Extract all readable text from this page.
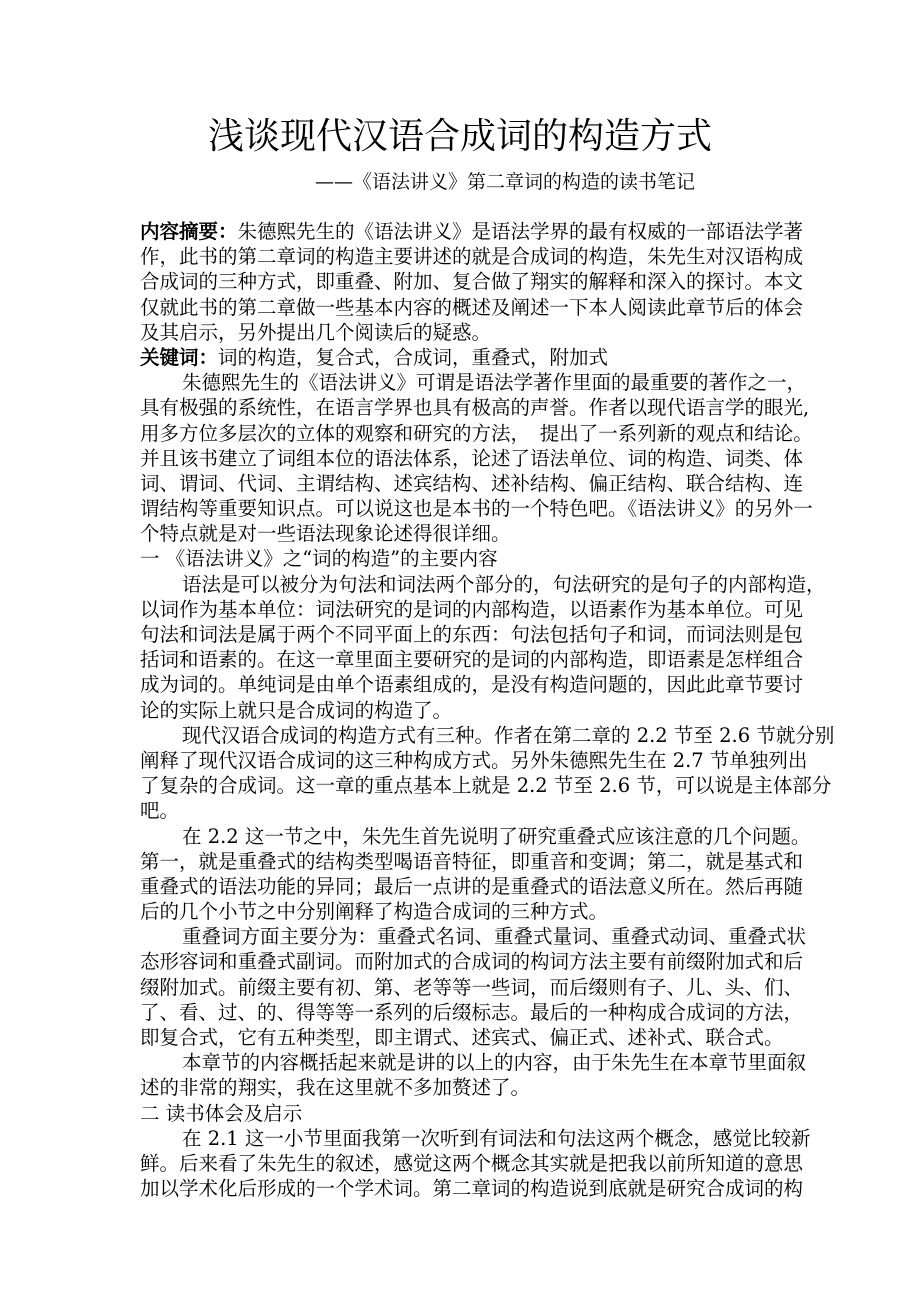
浅谈现代汉语合成词的构造方式
——《语法讲义》第二章词的构造的读书笔记
内容摘要：朱德熙先生的《语法讲义》是语法学界的最有权威的一部语法学著
作，此书的第二章词的构造主要讲述的就是合成词的构造，朱先生对汉语构成
合成词的三种方式，即重叠、附加、复合做了翔实的解释和深入的探讨。本文
仅就此书的第二章做一些基本内容的概述及阐述一下本人阅读此章节后的体会
及其启示，另外提出几个阅读后的疑惑。
关键词：词的构造，复合式，合成词，重叠式，附加式
朱德熙先生的《语法讲义》可谓是语法学著作里面的最重要的著作之一，
具有极强的系统性，在语言学界也具有极高的声誉。作者以现代语言学的眼光,
用多方位多层次的立体的观察和研究的方法，　提出了一系列新的观点和结论。
并且该书建立了词组本位的语法体系，论述了语法单位、词的构造、词类、体
词、谓词、代词、主谓结构、述宾结构、述补结构、偏正结构、联合结构、连
谓结构等重要知识点。可以说这也是本书的一个特色吧。《语法讲义》的另外一
个特点就是对一些语法现象论述得很详细。
一 《语法讲义》之“词的构造”的主要内容
语法是可以被分为句法和词法两个部分的，句法研究的是句子的内部构造，
以词作为基本单位：词法研究的是词的内部构造，以语素作为基本单位。可见
句法和词法是属于两个不同平面上的东西：句法包括句子和词，而词法则是包
括词和语素的。在这一章里面主要研究的是词的内部构造，即语素是怎样组合
成为词的。单纯词是由单个语素组成的，是没有构造问题的，因此此章节要讨
论的实际上就只是合成词的构造了。
现代汉语合成词的构造方式有三种。作者在第二章的 2.2 节至 2.6 节就分别
阐释了现代汉语合成词的这三种构成方式。另外朱德熙先生在 2.7 节单独列出
了复杂的合成词。这一章的重点基本上就是 2.2 节至 2.6 节，可以说是主体部分
吧。
在 2.2 这一节之中，朱先生首先说明了研究重叠式应该注意的几个问题。
第一，就是重叠式的结构类型喝语音特征，即重音和变调；第二，就是基式和
重叠式的语法功能的异同；最后一点讲的是重叠式的语法意义所在。然后再随
后的几个小节之中分别阐释了构造合成词的三种方式。
重叠词方面主要分为：重叠式名词、重叠式量词、重叠式动词、重叠式状
态形容词和重叠式副词。而附加式的合成词的构词方法主要有前缀附加式和后
缀附加式。前缀主要有初、第、老等等一些词，而后缀则有子、儿、头、们、
了、看、过、的、得等等一系列的后缀标志。最后的一种构成合成词的方法，
即复合式，它有五种类型，即主谓式、述宾式、偏正式、述补式、联合式。
本章节的内容概括起来就是讲的以上的内容，由于朱先生在本章节里面叙
述的非常的翔实，我在这里就不多加赘述了。
二 读书体会及启示
在 2.1 这一小节里面我第一次听到有词法和句法这两个概念，感觉比较新
鲜。后来看了朱先生的叙述，感觉这两个概念其实就是把我以前所知道的意思
加以学术化后形成的一个学术词。第二章词的构造说到底就是研究合成词的构
